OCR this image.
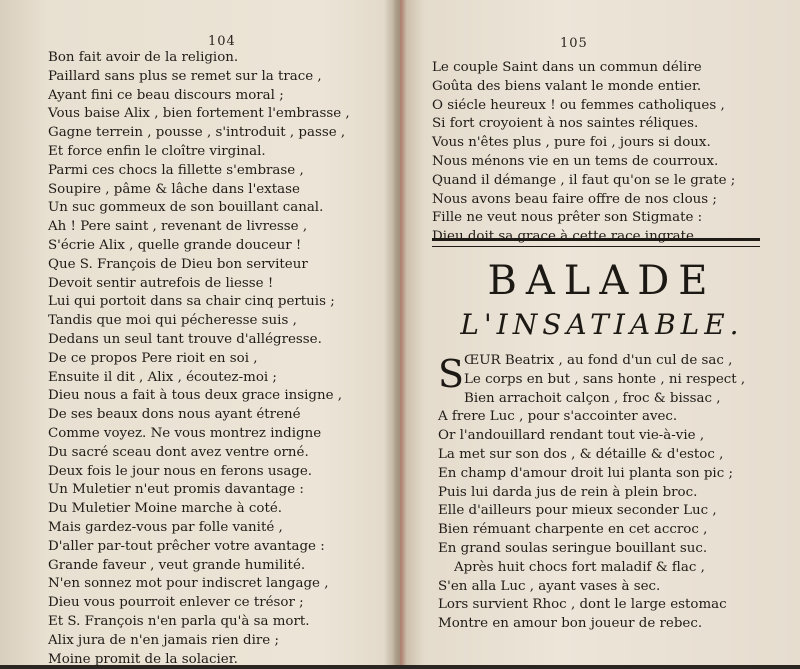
104
Bon fait avoir de la religion.
Paillard sans plus se remet sur la trace ,
Ayant fini ce beau discours moral ;
Vous baise Alix , bien fortement l'embrasse ,
Gagne terrein , pousse , s'introduit , passe ,
Et force enfin le cloître virginal.
Parmi ces chocs la fillette s'embrase ,
Soupire , pâme & lâche dans l'extase
Un suc gommeux de son bouillant canal.
Ah ! Pere saint , revenant de livresse ,
S'écrie Alix , quelle grande douceur !
Que S. François de Dieu bon serviteur
Devoit sentir autrefois de liesse !
Lui qui portoit dans sa chair cinq pertuis ;
Tandis que moi qui pécheresse suis ,
Dedans un seul tant trouve d'allégresse.
De ce propos Pere rioit en soi ,
Ensuite il dit , Alix , écoutez-moi ;
Dieu nous a fait à tous deux grace insigne ,
De ses beaux dons nous ayant étrené
Comme voyez. Ne vous montrez indigne
Du sacré sceau dont avez ventre orné.
Deux fois le jour nous en ferons usage.
Un Muletier n'eut promis davantage :
Du Muletier Moine marche à coté.
Mais gardez-vous par folle vanité ,
D'aller par-tout prêcher votre avantage :
Grande faveur , veut grande humilité.
N'en sonnez mot pour indiscret langage ,
Dieu vous pourroit enlever ce trésor ;
Et S. François n'en parla qu'à sa mort.
Alix jura de n'en jamais rien dire ;
Moine promit de la solacier.
105
Le couple Saint dans un commun délire
Goûta des biens valant le monde entier.
O siécle heureux ! ou femmes catholiques ,
Si fort croyoient à nos saintes réliques.
Vous n'êtes plus , pure foi , jours si doux.
Nous ménons vie en un tems de courroux.
Quand il démange , il faut qu'on se le grate ;
Nous avons beau faire offre de nos clous ;
Fille ne veut nous prêter son Stigmate :
Dieu doit sa grace à cette race ingrate.
BALADE
L'INSATIABLE.
S ŒUR Beatrix , au fond d'un cul de sac ,
Le corps en but , sans honte , ni respect ,
Bien arrachoit calçon , froc & bissac ,
A frere Luc , pour s'accointer avec.
Or l'andouillard rendant tout vie-à-vie ,
La met sur son dos , & détaille & d'estoc ,
En champ d'amour droit lui planta son pic ;
Puis lui darda jus de rein à plein broc.
Elle d'ailleurs pour mieux seconder Luc ,
Bien rémuant charpente en cet accroc ,
En grand soulas seringue bouillant suc.
Après huit chocs fort maladif & flac ,
S'en alla Luc , ayant vases à sec.
Lors survient Rhoc , dont le large estomac
Montre en amour bon joueur de rebec.
